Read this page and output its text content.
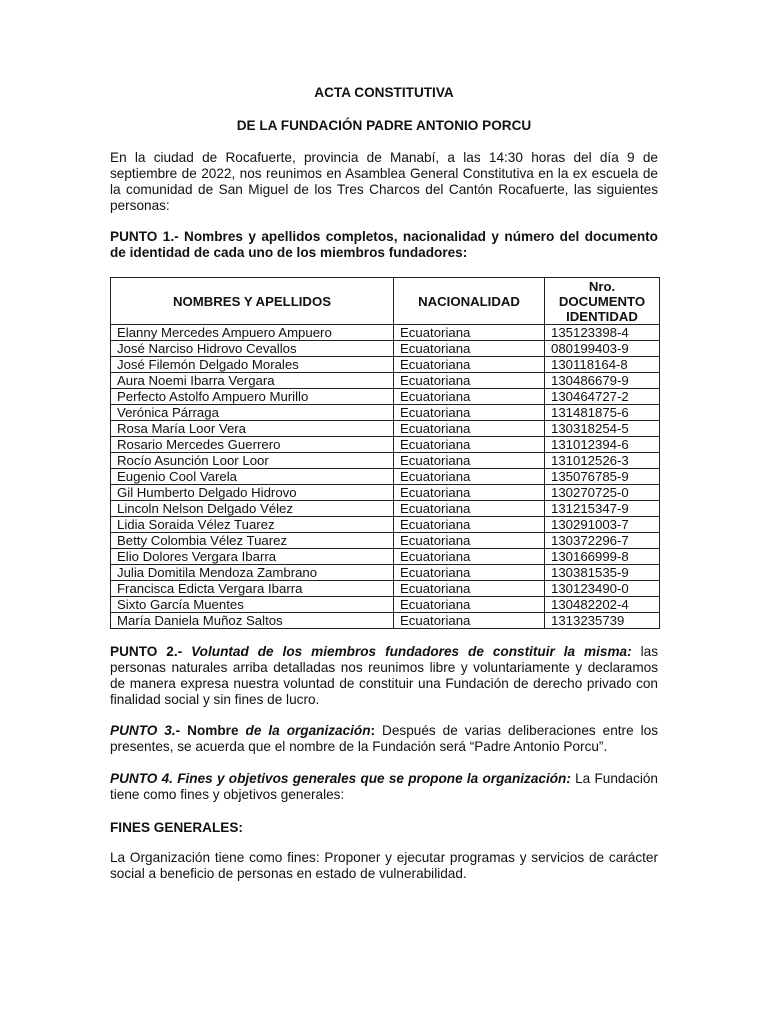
ACTA CONSTITUTIVA
DE LA FUNDACIÓN PADRE ANTONIO PORCU
En la ciudad de Rocafuerte, provincia de Manabí, a las 14:30 horas del día 9 de septiembre de 2022, nos reunimos en Asamblea General Constitutiva en la ex escuela de la comunidad de San Miguel de los Tres Charcos del Cantón Rocafuerte, las siguientes personas:
PUNTO 1.- Nombres y apellidos completos, nacionalidad y número del documento de identidad de cada uno de los miembros fundadores:
NOMBRES Y APELLIDOS	NACIONALIDAD	Nro.
DOCUMENTO
IDENTIDAD

Elanny Mercedes Ampuero Ampuero	Ecuatoriana	135123398-4
José Narciso Hidrovo Cevallos	Ecuatoriana	080199403-9
José Filemón Delgado Morales	Ecuatoriana	130118164-8
Aura Noemi Ibarra Vergara	Ecuatoriana	130486679-9
Perfecto Astolfo Ampuero Murillo	Ecuatoriana	130464727-2
Verónica Párraga	Ecuatoriana	131481875-6
Rosa María Loor Vera	Ecuatoriana	130318254-5
Rosario Mercedes Guerrero	Ecuatoriana	131012394-6
Rocío Asunción Loor Loor	Ecuatoriana	131012526-3
Eugenio Cool Varela	Ecuatoriana	135076785-9
Gil Humberto Delgado Hidrovo	Ecuatoriana	130270725-0
Lincoln Nelson Delgado Vélez	Ecuatoriana	131215347-9
Lidia Soraida Vélez Tuarez	Ecuatoriana	130291003-7
Betty Colombia Vélez Tuarez	Ecuatoriana	130372296-7
Elio Dolores Vergara Ibarra	Ecuatoriana	130166999-8
Julia Domitila Mendoza Zambrano	Ecuatoriana	130381535-9
Francisca Edicta Vergara Ibarra	Ecuatoriana	130123490-0
Sixto García Muentes	Ecuatoriana	130482202-4
María Daniela Muñoz Saltos	Ecuatoriana	1313235739
PUNTO 2.- Voluntad de los miembros fundadores de constituir la misma: las personas naturales arriba detalladas nos reunimos libre y voluntariamente y declaramos de manera expresa nuestra voluntad de constituir una Fundación de derecho privado con finalidad social y sin fines de lucro.
PUNTO 3.- Nombre de la organización: Después de varias deliberaciones entre los presentes, se acuerda que el nombre de la Fundación será “Padre Antonio Porcu”.
PUNTO 4. Fines y objetivos generales que se propone la organización: La Fundación   tiene como fines y objetivos generales:
FINES GENERALES:
La Organización tiene como fines: Proponer y ejecutar programas y servicios de carácter social a beneficio de personas en estado de vulnerabilidad.
